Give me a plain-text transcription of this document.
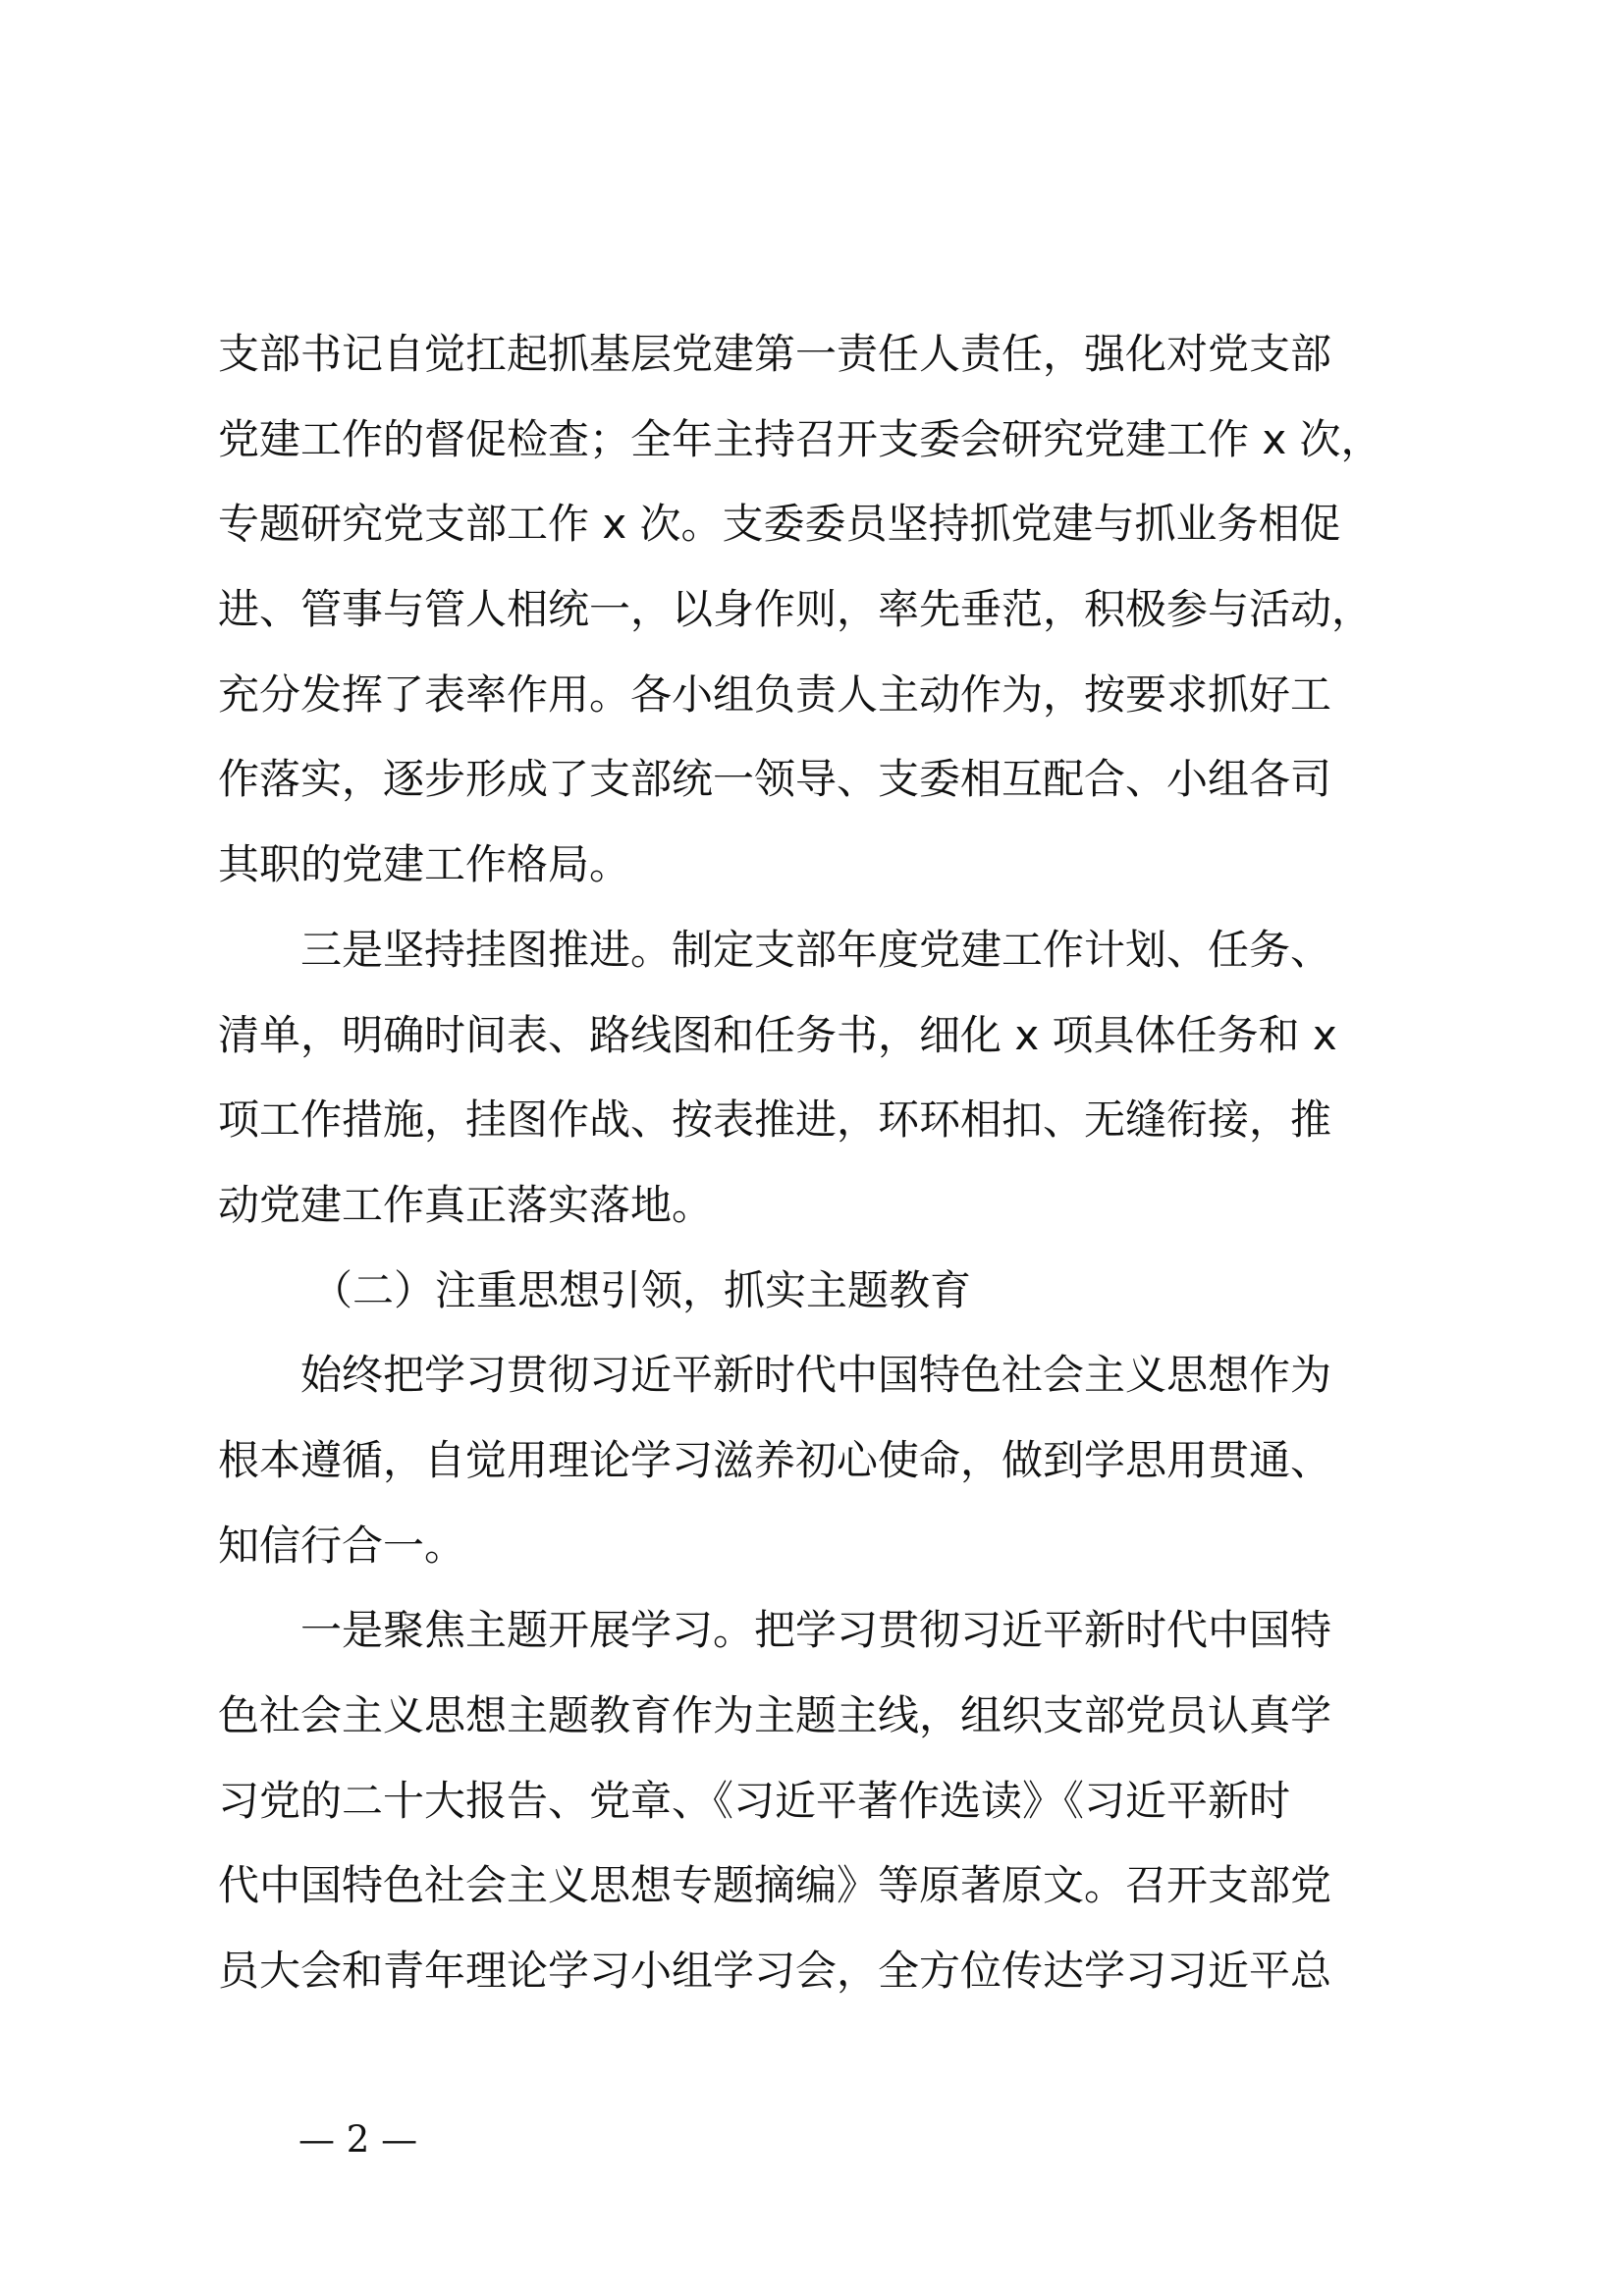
支部书记自觉扛起抓基层党建第一责任人责任，强化对党支部
党建工作的督促检查；全年主持召开支委会研究党建工作 x 次，
专题研究党支部工作 x 次。支委委员坚持抓党建与抓业务相促
进、管事与管人相统一，以身作则，率先垂范，积极参与活动，
充分发挥了表率作用。各小组负责人主动作为，按要求抓好工
作落实，逐步形成了支部统一领导、支委相互配合、小组各司
其职的党建工作格局。
　　三是坚持挂图推进。制定支部年度党建工作计划、任务、
清单，明确时间表、路线图和任务书，细化 x 项具体任务和 x
项工作措施，挂图作战、按表推进，环环相扣、无缝衔接，推
动党建工作真正落实落地。
（二）注重思想引领，抓实主题教育
　　始终把学习贯彻习近平新时代中国特色社会主义思想作为
根本遵循，自觉用理论学习滋养初心使命，做到学思用贯通、
知信行合一。
　　一是聚焦主题开展学习。把学习贯彻习近平新时代中国特
色社会主义思想主题教育作为主题主线，组织支部党员认真学
习党的二十大报告、党章、《习近平著作选读》《习近平新时
代中国特色社会主义思想专题摘编》等原著原文。召开支部党
员大会和青年理论学习小组学习会，全方位传达学习习近平总
— 2 —
